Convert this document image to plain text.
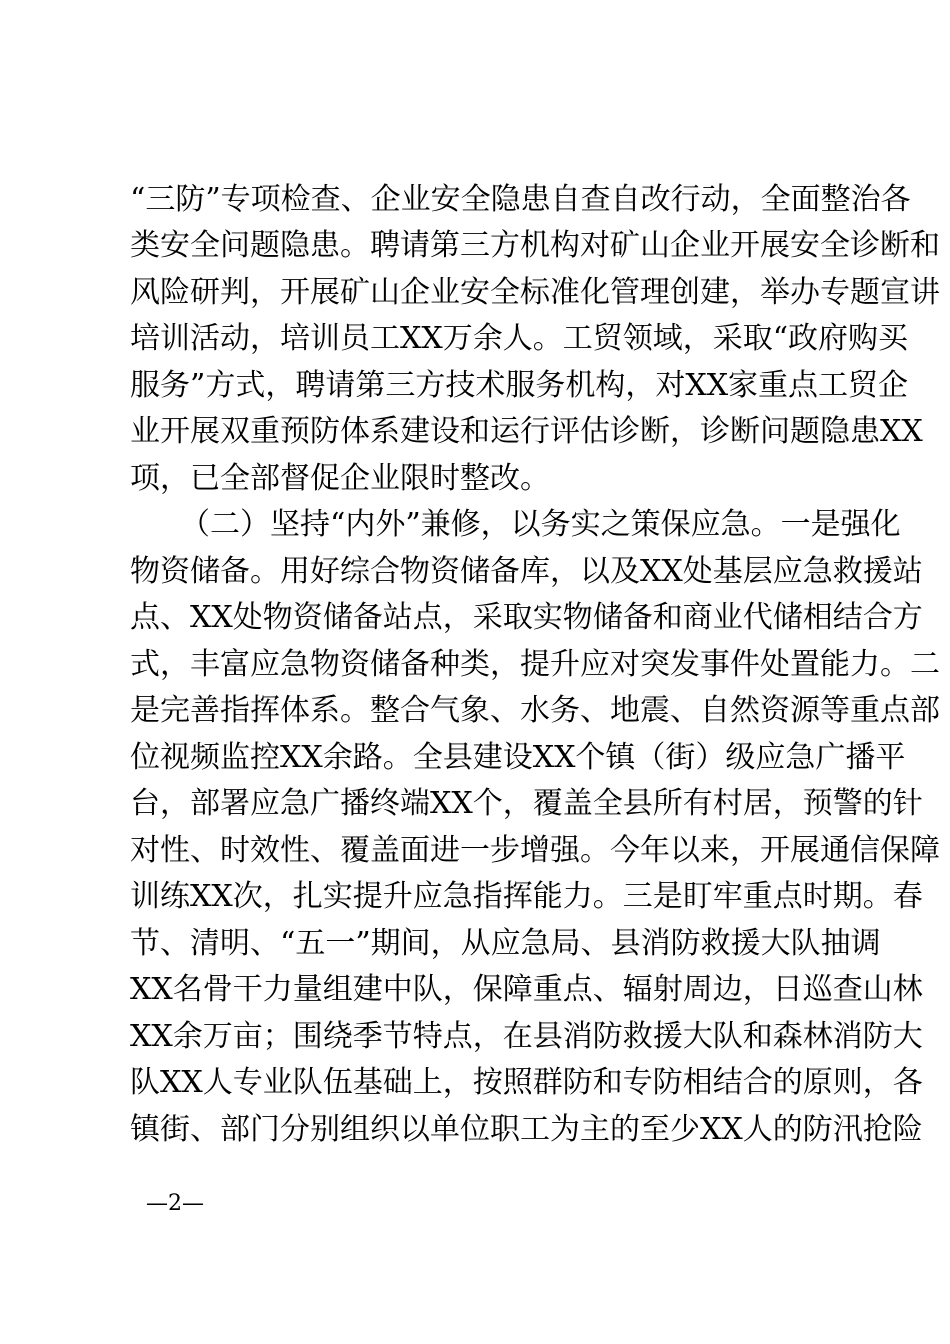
“三防”专项检查、企业安全隐患自查自改行动，全面整治各
类安全问题隐患。聘请第三方机构对矿山企业开展安全诊断和
风险研判，开展矿山企业安全标准化管理创建，举办专题宣讲
培训活动，培训员工XX万余人。工贸领域，采取“政府购买
服务”方式，聘请第三方技术服务机构，对XX家重点工贸企
业开展双重预防体系建设和运行评估诊断，诊断问题隐患XX
项，已全部督促企业限时整改。
（二）坚持“内外”兼修，以务实之策保应急。一是强化
物资储备。用好综合物资储备库，以及XX处基层应急救援站
点、XX处物资储备站点，采取实物储备和商业代储相结合方
式，丰富应急物资储备种类，提升应对突发事件处置能力。二
是完善指挥体系。整合气象、水务、地震、自然资源等重点部
位视频监控XX余路。全县建设XX个镇（街）级应急广播平
台，部署应急广播终端XX个，覆盖全县所有村居，预警的针
对性、时效性、覆盖面进一步增强。今年以来，开展通信保障
训练XX次，扎实提升应急指挥能力。三是盯牢重点时期。春
节、清明、“五一”期间，从应急局、县消防救援大队抽调
XX名骨干力量组建中队，保障重点、辐射周边，日巡查山林
XX余万亩；围绕季节特点，在县消防救援大队和森林消防大
队XX人专业队伍基础上，按照群防和专防相结合的原则，各
镇街、部门分别组织以单位职工为主的至少XX人的防汛抢险
—2—
